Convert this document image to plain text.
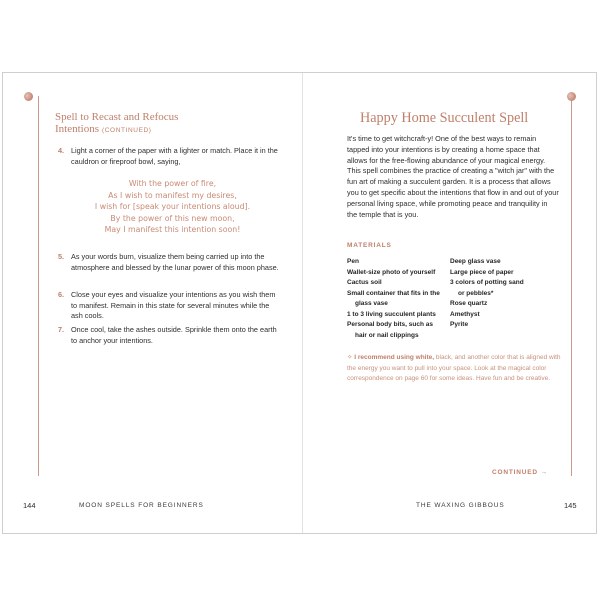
Spell to Recast and Refocus
Intentions (CONTINUED)
4. Light a corner of the paper with a lighter or match. Place it in the cauldron or fireproof bowl, saying,
With the power of fire,
As I wish to manifest my desires,
I wish for [speak your intentions aloud].
By the power of this new moon,
May I manifest this intention soon!
5. As your words burn, visualize them being carried up into the atmosphere and blessed by the lunar power of this moon phase.
6. Close your eyes and visualize your intentions as you wish them to manifest. Remain in this state for several minutes while the ash cools.
7. Once cool, take the ashes outside. Sprinkle them onto the earth to anchor your intentions.
144	MOON SPELLS FOR BEGINNERS
Happy Home Succulent Spell
It's time to get witchcraft-y! One of the best ways to remain tapped into your intentions is by creating a home space that allows for the free-flowing abundance of your magical energy. This spell combines the practice of creating a "witch jar" with the fun art of making a succulent garden. It is a process that allows you to get specific about the intentions that flow in and out of your personal living space, while promoting peace and tranquility in the temple that is you.
MATERIALS
Pen
Wallet-size photo of yourself
Cactus soil
Small container that fits in the
glass vase
1 to 3 living succulent plants
Personal body bits, such as
hair or nail clippings
Deep glass vase
Large piece of paper
3 colors of potting sand
or pebbles*
Rose quartz
Amethyst
Pyrite
✧ I recommend using white, black, and another color that is aligned with the energy you want to pull into your space. Look at the magical color correspondence on page 60 for some ideas. Have fun and be creative.
CONTINUED →
THE WAXING GIBBOUS	145
